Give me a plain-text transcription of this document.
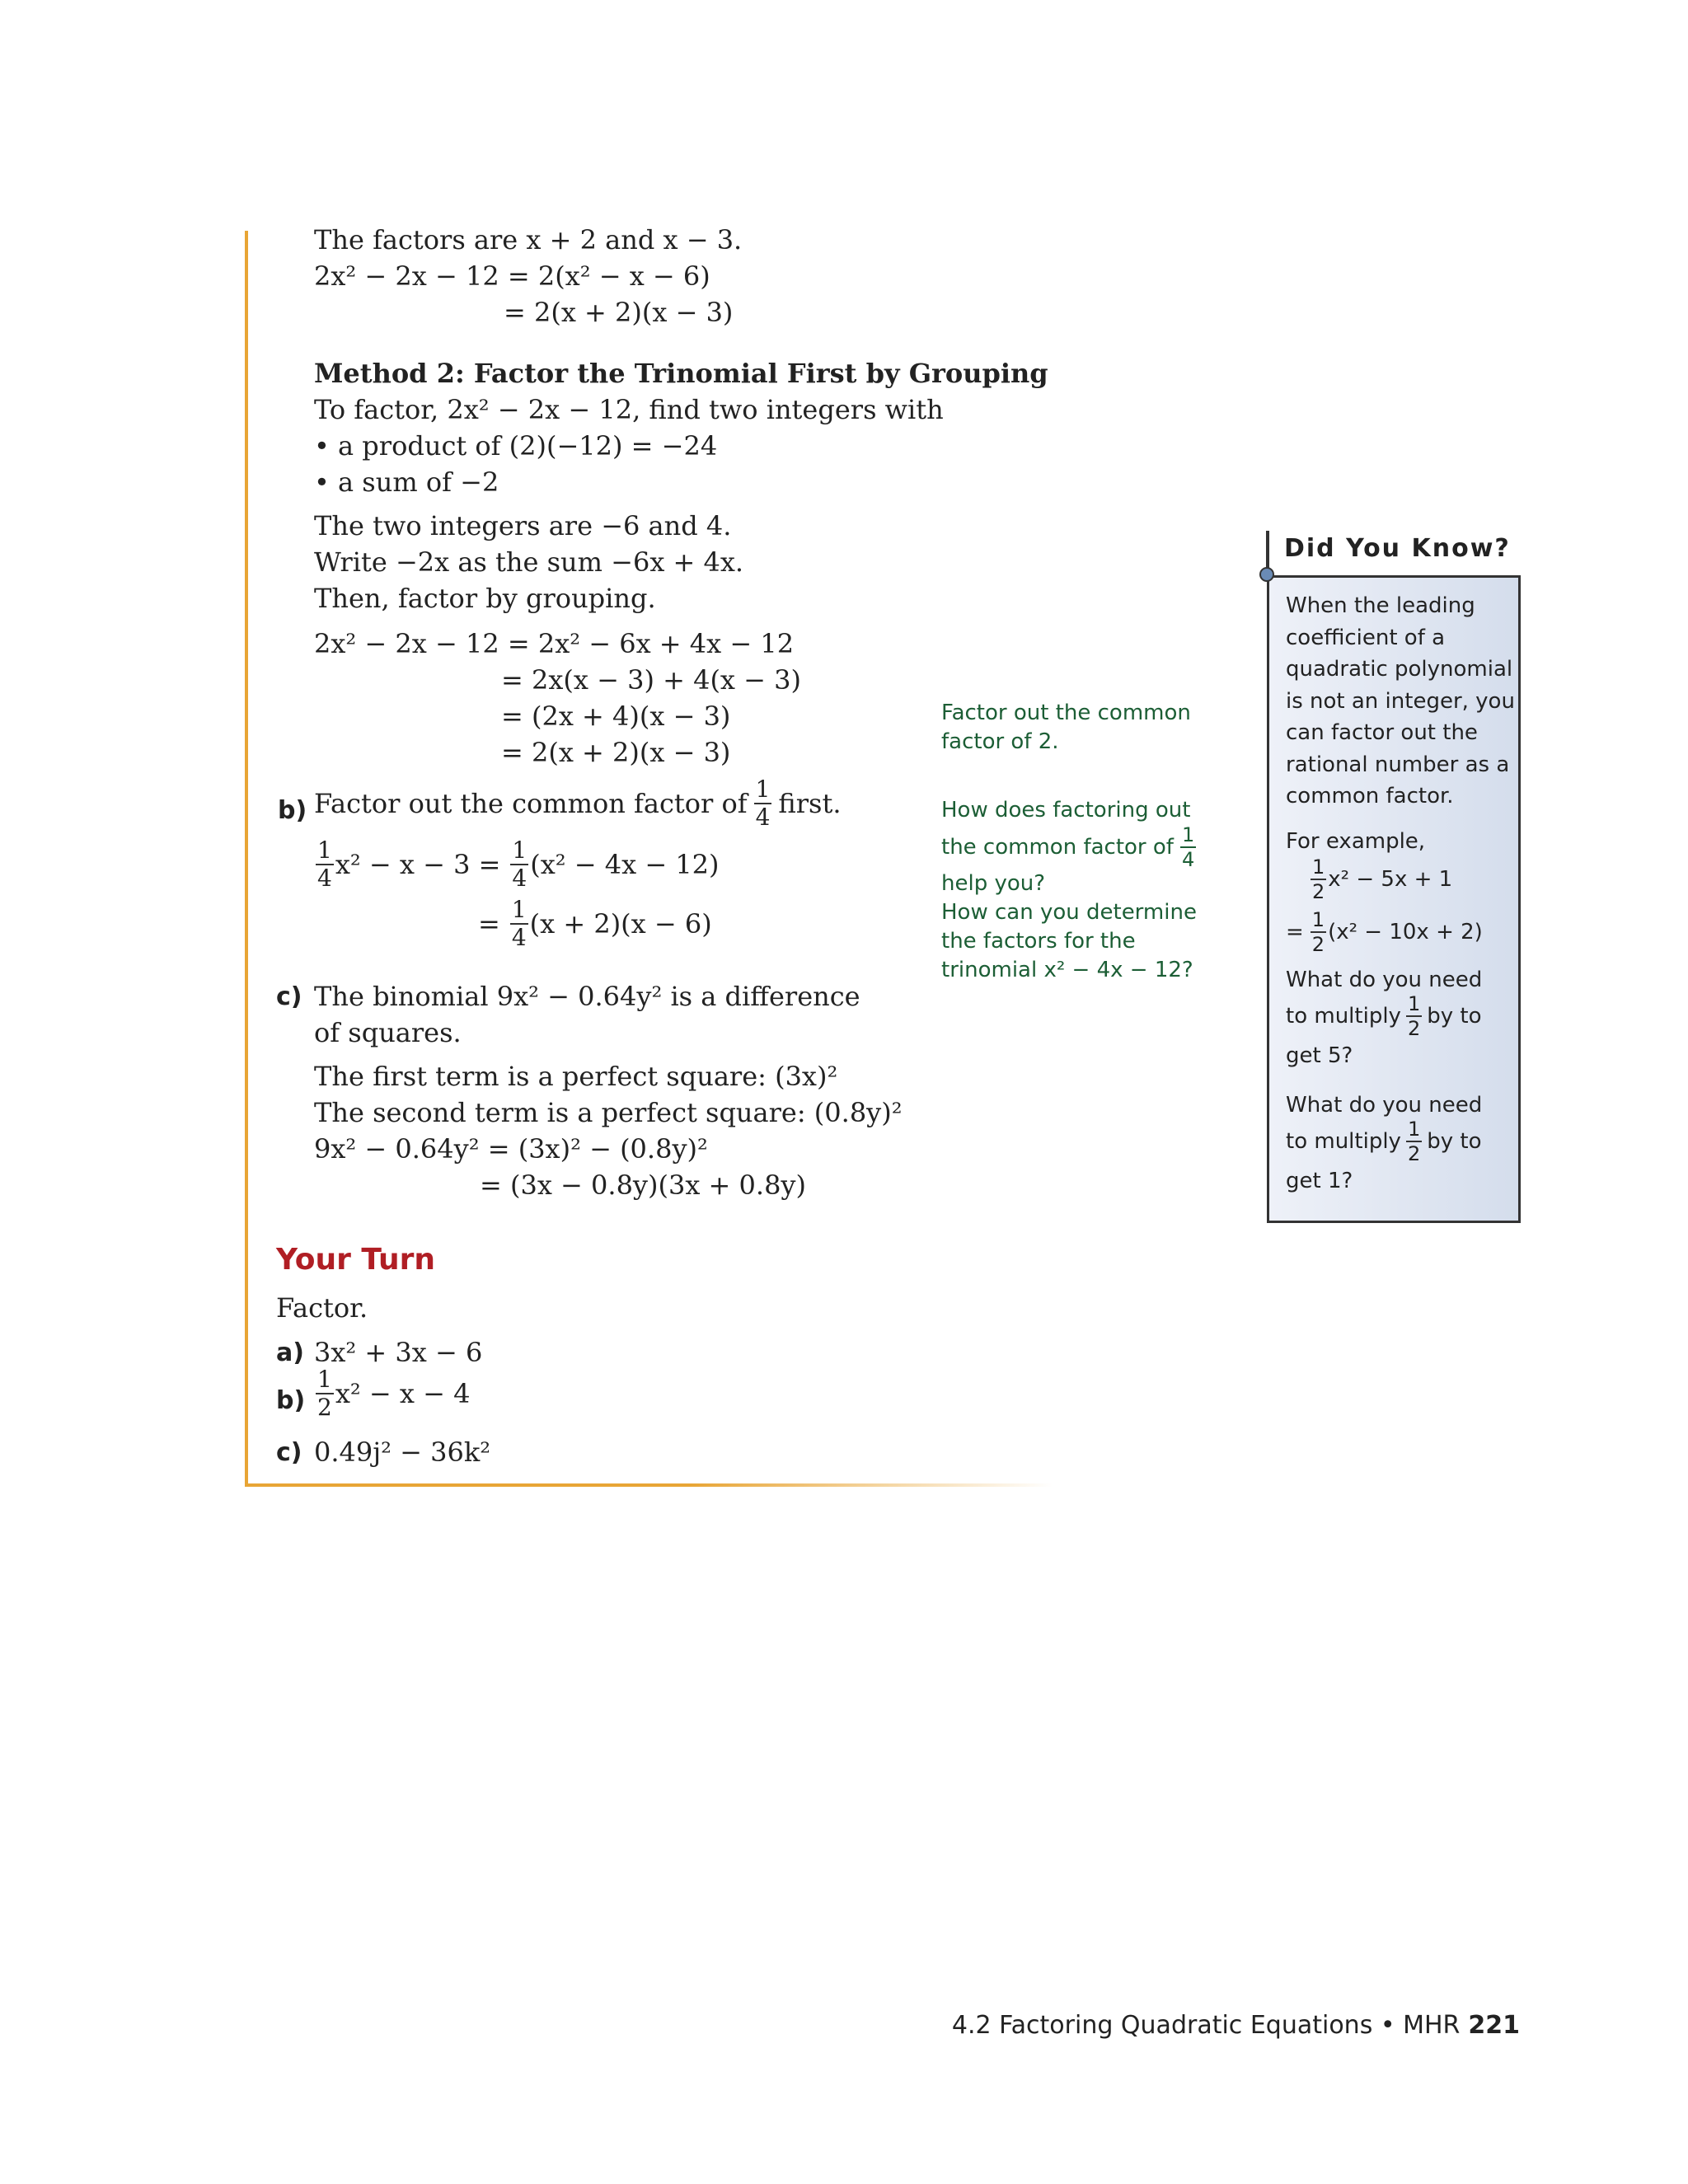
The factors are x + 2 and x − 3.
2x² − 2x − 12 = 2(x² − x − 6)
= 2(x + 2)(x − 3)
Method 2: Factor the Trinomial First by Grouping
To factor, 2x² − 2x − 12, find two integers with
• a product of (2)(−12) = −24
• a sum of −2
The two integers are −6 and 4.
Write −2x as the sum −6x + 4x.
Then, factor by grouping.
2x² − 2x − 12 = 2x² − 6x + 4x − 12
= 2x(x − 3) + 4(x − 3)
= (2x + 4)(x − 3)
= 2(x + 2)(x − 3)
b) Factor out the common factor of $\frac{1}{4}$ first.
$\frac{1}{4} x^2 - x - 3 = \frac{1}{4} (x^2 - 4x - 12)$
= $\frac{1}{4} (x + 2)(x - 6)$
c) The binomial 9x² − 0.64y² is a difference
of squares.
The first term is a perfect square: (3x)²
The second term is a perfect square: (0.8y)²
9x² − 0.64y² = (3x)² − (0.8y)²
= (3x − 0.8y)(3x + 0.8y)
Factor out the common
factor of 2.
How does factoring out
the common factor of $\frac{1}{4}$
help you?
How can you determine
the factors for the
trinomial x² − 4x − 12?
Your Turn
Factor.
a) 3x² + 3x − 6
$b) \frac{1}{2} x^2 - x - 4$
c) 0.49j² − 36k²
Did You Know?
When the leading
coefficient of a
quadratic polynomial
is not an integer, you
can factor out the
rational number as a
common factor.
For example,
$\frac{1}{2} x^2 - 5x + 1$
= $\frac{1}{2} (x^2 - 10x + 2)$
What do you need
to multiply $\frac{1}{2}$ by to
get 5?
What do you need
to multiply $\frac{1}{2}$ by to
get 1?
4.2 Factoring Quadratic Equations • MHR 221
